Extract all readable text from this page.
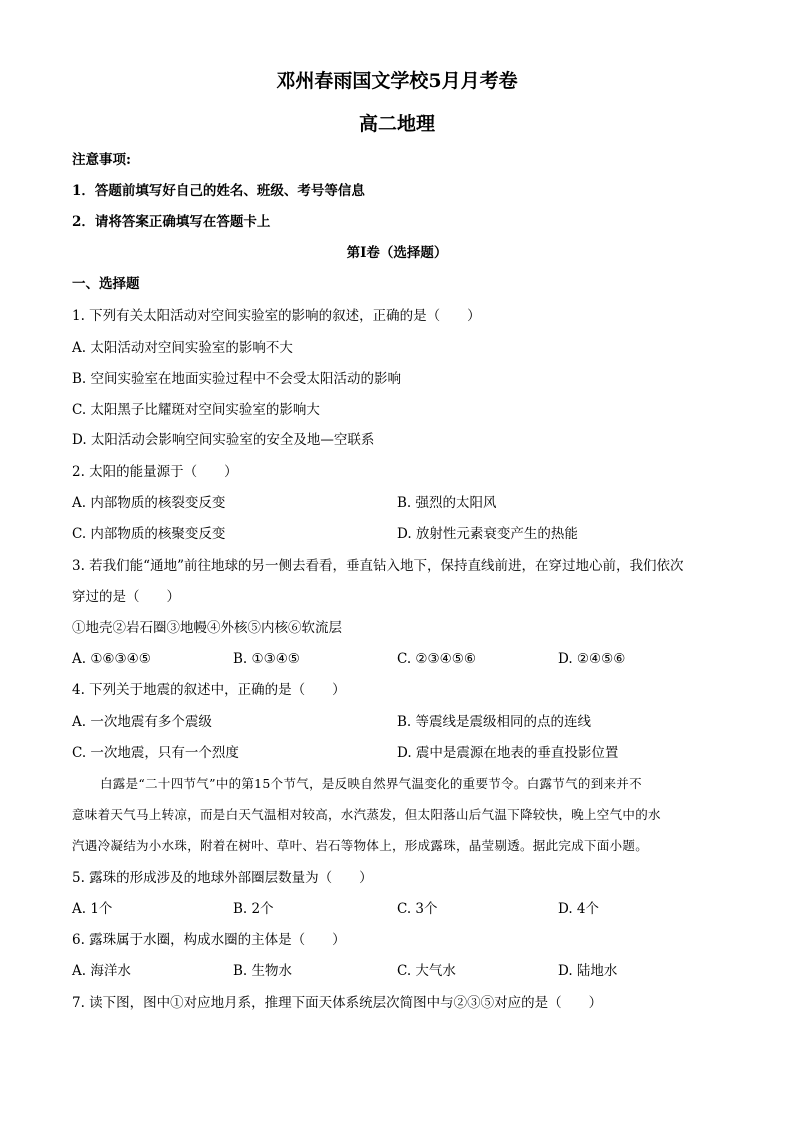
邓州春雨国文学校5月月考卷
高二地理
注意事项:
1．答题前填写好自己的姓名、班级、考号等信息
2．请将答案正确填写在答题卡上
第I卷（选择题）
一、选择题
1. 下列有关太阳活动对空间实验室的影响的叙述，正确的是（　　）
A. 太阳活动对空间实验室的影响不大
B. 空间实验室在地面实验过程中不会受太阳活动的影响
C. 太阳黑子比耀斑对空间实验室的影响大
D. 太阳活动会影响空间实验室的安全及地—空联系
2. 太阳的能量源于（　　）
A. 内部物质的核裂变反变	B. 强烈的太阳风
C. 内部物质的核聚变反变	D. 放射性元素衰变产生的热能
3. 若我们能“通地”前往地球的另一侧去看看，垂直钻入地下，保持直线前进，在穿过地心前，我们依次
穿过的是（　　）
①地壳②岩石圈③地幔④外核⑤内核⑥软流层
A. ①⑥③④⑤	B. ①③④⑤	C. ②③④⑤⑥	D. ②④⑤⑥
4. 下列关于地震的叙述中，正确的是（　　）
A. 一次地震有多个震级	B. 等震线是震级相同的点的连线
C. 一次地震，只有一个烈度	D. 震中是震源在地表的垂直投影位置
白露是“二十四节气”中的第15个节气，是反映自然界气温变化的重要节令。白露节气的到来并不
意味着天气马上转凉，而是白天气温相对较高，水汽蒸发，但太阳落山后气温下降较快，晚上空气中的水
汽遇冷凝结为小水珠，附着在树叶、草叶、岩石等物体上，形成露珠，晶莹剔透。据此完成下面小题。
5. 露珠的形成涉及的地球外部圈层数量为（　　）
A. 1个	B. 2个	C. 3个	D. 4个
6. 露珠属于水圈，构成水圈的主体是（　　）
A. 海洋水	B. 生物水	C. 大气水	D. 陆地水
7. 读下图，图中①对应地月系，推理下面天体系统层次简图中与②③⑤对应的是（　　）
